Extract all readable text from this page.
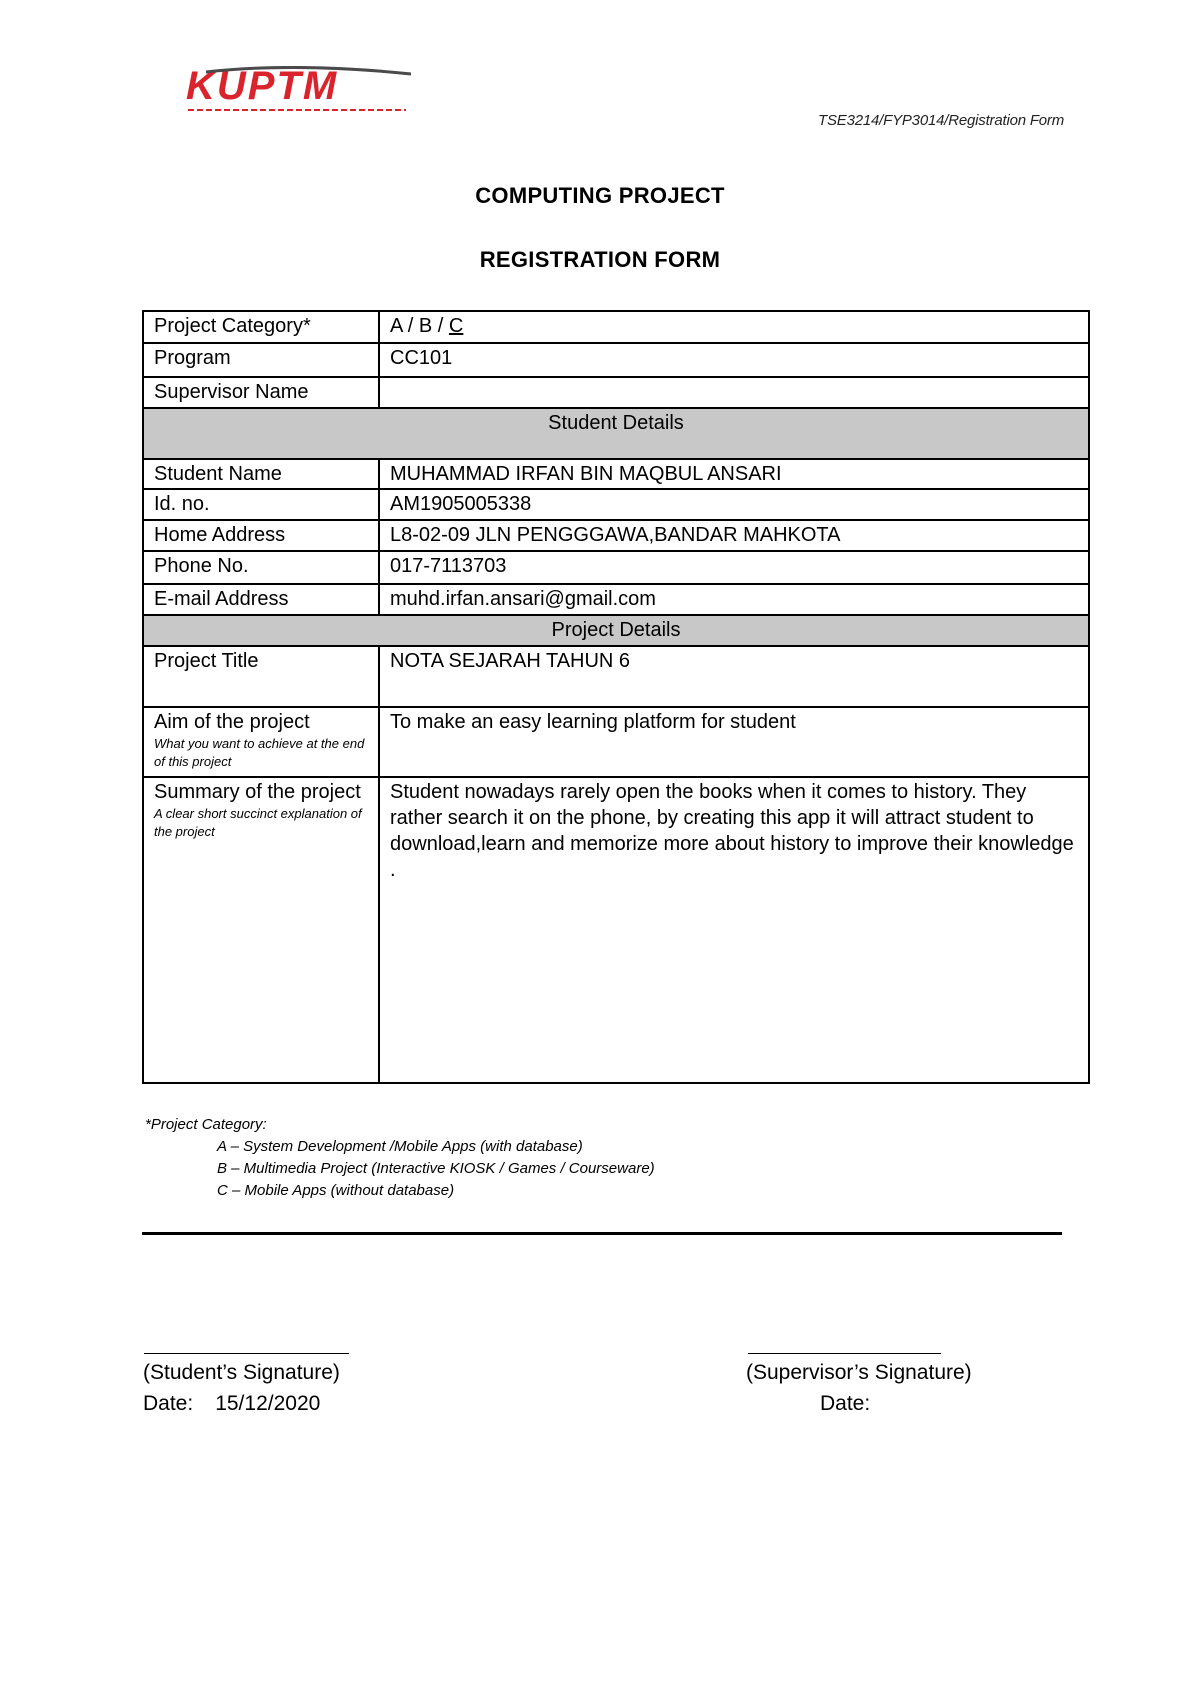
KUPTM
TSE3214/FYP3014/Registration Form
COMPUTING PROJECT
REGISTRATION FORM
Project Category*	A / B / C
Program	CC101
Supervisor Name	
Student Details	
Student Name	MUHAMMAD IRFAN BIN MAQBUL ANSARI
Id. no.	AM1905005338
Home Address	L8-02-09 JLN PENGGGAWA,BANDAR MAHKOTA
Phone No.	017-7113703
E-mail Address	muhd.irfan.ansari@gmail.com
Project Details	
Project Title	NOTA SEJARAH TAHUN 6
Aim of the project
What you want to achieve at the end of this project	To make an easy learning platform for student
Summary of the project
A clear short succinct explanation of the project	Student nowadays rarely open the books when it comes to history. They rather search it on the phone, by creating this app it will attract student to download,learn and memorize more about history to improve their knowledge .
*Project Category:
A – System Development /Mobile Apps (with database)
B – Multimedia Project (Interactive KIOSK / Games / Courseware)
C – Mobile Apps (without database)
(Student’s Signature)
Date: 15/12/2020
(Supervisor’s Signature)
Date:
